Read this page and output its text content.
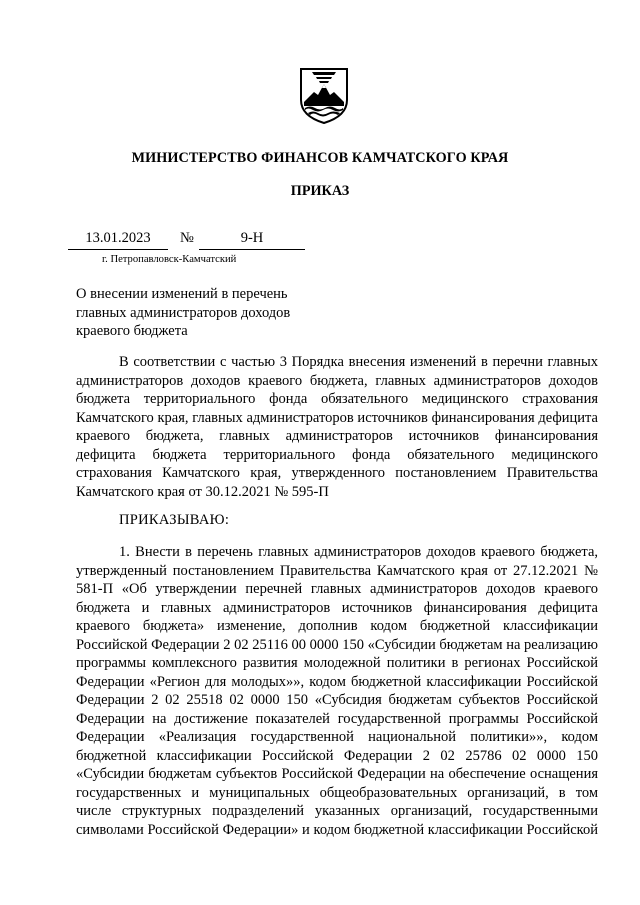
МИНИСТЕРСТВО ФИНАНСОВ КАМЧАТСКОГО КРАЯ
ПРИКАЗ
13.01.2023	№	9-Н
г. Петропавловск-Камчатский
О внесении изменений в перечень главных администраторов доходов краевого бюджета
В соответствии с частью 3 Порядка внесения изменений в перечни главных администраторов доходов краевого бюджета, главных администраторов доходов бюджета территориального фонда обязательного медицинского страхования Камчатского края, главных администраторов источников финансирования дефицита краевого бюджета, главных администраторов источников финансирования дефицита бюджета территориального фонда обязательного медицинского страхования Камчатского края, утвержденного постановлением Правительства Камчатского края от 30.12.2021 № 595-П
ПРИКАЗЫВАЮ:
1. Внести в перечень главных администраторов доходов краевого бюджета, утвержденный постановлением Правительства Камчатского края от 27.12.2021 № 581-П «Об утверждении перечней главных администраторов доходов краевого бюджета и главных администраторов источников финансирования дефицита краевого бюджета» изменение, дополнив кодом бюджетной классификации Российской Федерации 2 02 25116 00 0000 150 «Субсидии бюджетам на реализацию программы комплексного развития молодежной политики в регионах Российской Федерации «Регион для молодых»», кодом бюджетной классификации Российской Федерации 2 02 25518 02 0000 150 «Субсидия бюджетам субъектов Российской Федерации на достижение показателей государственной программы Российской Федерации «Реализация государственной национальной политики»», кодом бюджетной классификации Российской Федерации 2 02 25786 02 0000 150 «Субсидии бюджетам субъектов Российской Федерации на обеспечение оснащения государственных и муниципальных общеобразовательных организаций, в том числе структурных подразделений указанных организаций, государственными символами Российской Федерации» и кодом бюджетной классификации Российской
